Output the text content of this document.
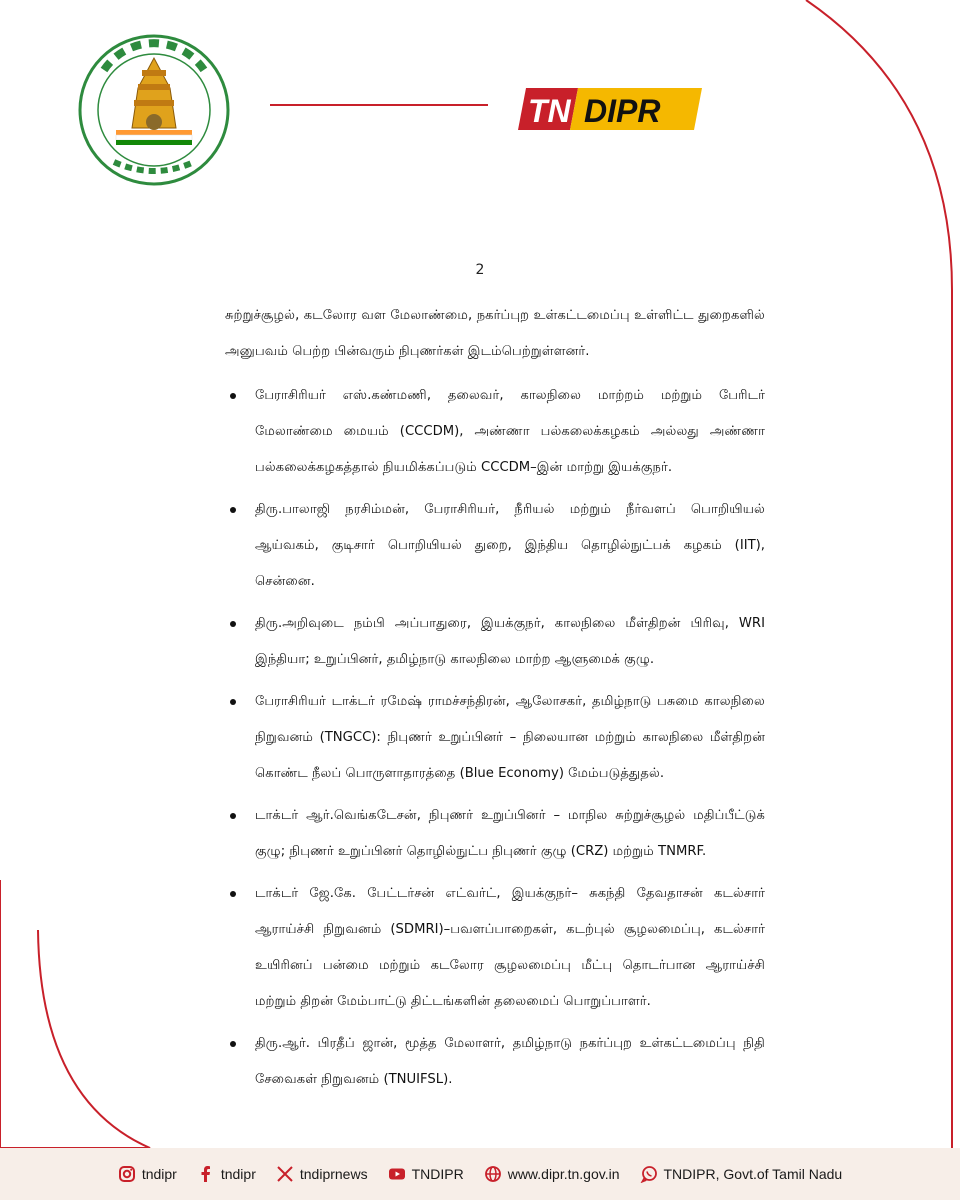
TN DIPR
2

சுற்றுச்சூழல், கடலோர வள மேலாண்மை, நகர்ப்புற உள்கட்டமைப்பு உள்ளிட்ட துறைகளில் அனுபவம் பெற்ற பின்வரும் நிபுணர்கள் இடம்பெற்றுள்ளனர்.

பேராசிரியர் எஸ்.கண்மணி, தலைவர், காலநிலை மாற்றம் மற்றும் பேரிடர் மேலாண்மை மையம் (CCCDM), அண்ணா பல்கலைக்கழகம் அல்லது அண்ணா பல்கலைக்கழகத்தால் நியமிக்கப்படும் CCCDM–இன் மாற்று இயக்குநர்.
திரு.பாலாஜி நரசிம்மன், பேராசிரியர், நீரியல் மற்றும் நீர்வளப் பொறியியல் ஆய்வகம், குடிசார் பொறியியல் துறை, இந்திய தொழில்நுட்பக் கழகம் (IIT), சென்னை.
திரு.அறிவுடை நம்பி அப்பாதுரை, இயக்குநர், காலநிலை மீள்திறன் பிரிவு, WRI இந்தியா; உறுப்பினர், தமிழ்நாடு காலநிலை மாற்ற ஆளுமைக் குழு.
பேராசிரியர் டாக்டர் ரமேஷ் ராமச்சந்திரன், ஆலோசகர், தமிழ்நாடு பசுமை காலநிலை நிறுவனம் (TNGCC): நிபுணர் உறுப்பினர் – நிலையான மற்றும் காலநிலை மீள்திறன் கொண்ட நீலப் பொருளாதாரத்தை (Blue Economy) மேம்படுத்துதல்.
டாக்டர் ஆர்.வெங்கடேசன், நிபுணர் உறுப்பினர் – மாநில சுற்றுச்சூழல் மதிப்பீட்டுக் குழு; நிபுணர் உறுப்பினர் தொழில்நுட்ப நிபுணர் குழு (CRZ) மற்றும் TNMRF.
டாக்டர் ஜே.கே. பேட்டர்சன் எட்வர்ட், இயக்குநர்– சுகந்தி தேவதாசன் கடல்சார் ஆராய்ச்சி நிறுவனம் (SDMRI)–பவளப்பாறைகள், கடற்புல் சூழலமைப்பு, கடல்சார் உயிரினப் பன்மை மற்றும் கடலோர சூழலமைப்பு மீட்பு தொடர்பான ஆராய்ச்சி மற்றும் திறன் மேம்பாட்டு திட்டங்களின் தலைமைப் பொறுப்பாளர்.
திரு.ஆர். பிரதீப் ஜான், மூத்த மேலாளர், தமிழ்நாடு நகர்ப்புற உள்கட்டமைப்பு நிதி சேவைகள் நிறுவனம் (TNUIFSL).
tndipr	tndipr	tndiprnews	TNDIPR	www.dipr.tn.gov.in	TNDIPR, Govt.of Tamil Nadu
